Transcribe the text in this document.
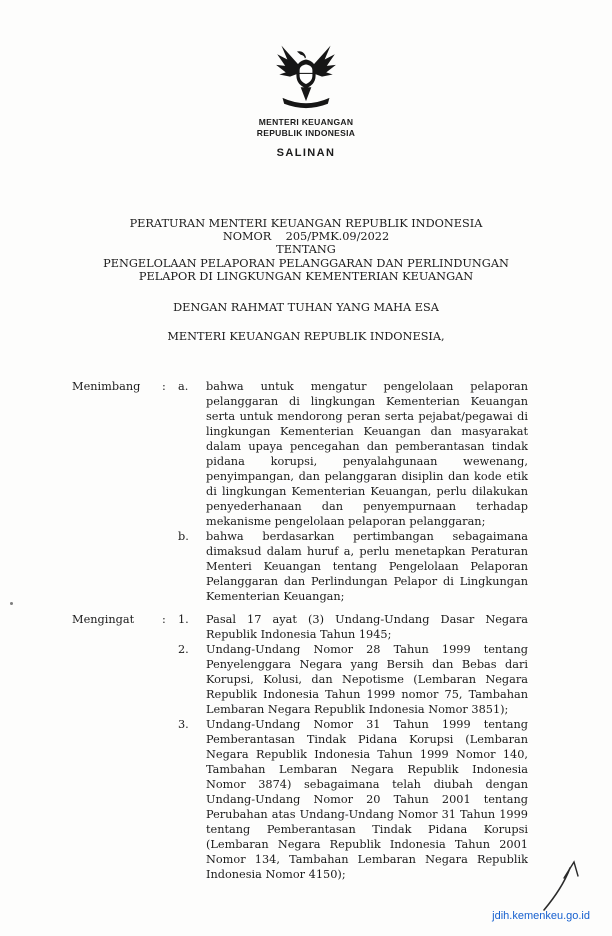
MENTERI KEUANGAN
REPUBLIK INDONESIA
SALINAN
PERATURAN MENTERI KEUANGAN REPUBLIK INDONESIA
NOMOR    205/PMK.09/2022
TENTANG
PENGELOLAAN PELAPORAN PELANGGARAN DAN PERLINDUNGAN
PELAPOR DI LINGKUNGAN KEMENTERIAN KEUANGAN
DENGAN RAHMAT TUHAN YANG MAHA ESA
MENTERI KEUANGAN REPUBLIK INDONESIA,
Menimbang	:	a.	bahwa untuk mengatur pengelolaan pelaporan pelanggaran di lingkungan Kementerian Keuangan serta untuk mendorong peran serta pejabat/pegawai di lingkungan Kementerian Keuangan dan masyarakat dalam upaya pencegahan dan pemberantasan tindak pidana korupsi, penyalahgunaan wewenang, penyimpangan, dan pelanggaran disiplin dan kode etik di lingkungan Kementerian Keuangan, perlu dilakukan penyederhanaan dan penyempurnaan terhadap mekanisme pengelolaan pelaporan pelanggaran;
b.	bahwa berdasarkan pertimbangan sebagaimana dimaksud dalam huruf a, perlu menetapkan Peraturan Menteri Keuangan tentang Pengelolaan Pelaporan Pelanggaran dan Perlindungan Pelapor di Lingkungan Kementerian Keuangan;
Mengingat	:	1.	Pasal 17 ayat (3) Undang-Undang Dasar Negara Republik Indonesia Tahun 1945;
2.	Undang-Undang Nomor 28 Tahun 1999 tentang Penyelenggara Negara yang Bersih dan Bebas dari Korupsi, Kolusi, dan Nepotisme (Lembaran Negara Republik Indonesia Tahun 1999 nomor 75, Tambahan Lembaran Negara Republik Indonesia Nomor 3851);
3.	Undang-Undang Nomor 31 Tahun 1999 tentang Pemberantasan Tindak Pidana Korupsi (Lembaran Negara Republik Indonesia Tahun 1999 Nomor 140, Tambahan Lembaran Negara Republik Indonesia Nomor 3874) sebagaimana telah diubah dengan Undang-Undang Nomor 20 Tahun 2001 tentang Perubahan atas Undang-Undang Nomor 31 Tahun 1999 tentang Pemberantasan Tindak Pidana Korupsi (Lembaran Negara Republik Indonesia Tahun 2001 Nomor 134, Tambahan Lembaran Negara Republik Indonesia Nomor 4150);
jdih.kemenkeu.go.id
